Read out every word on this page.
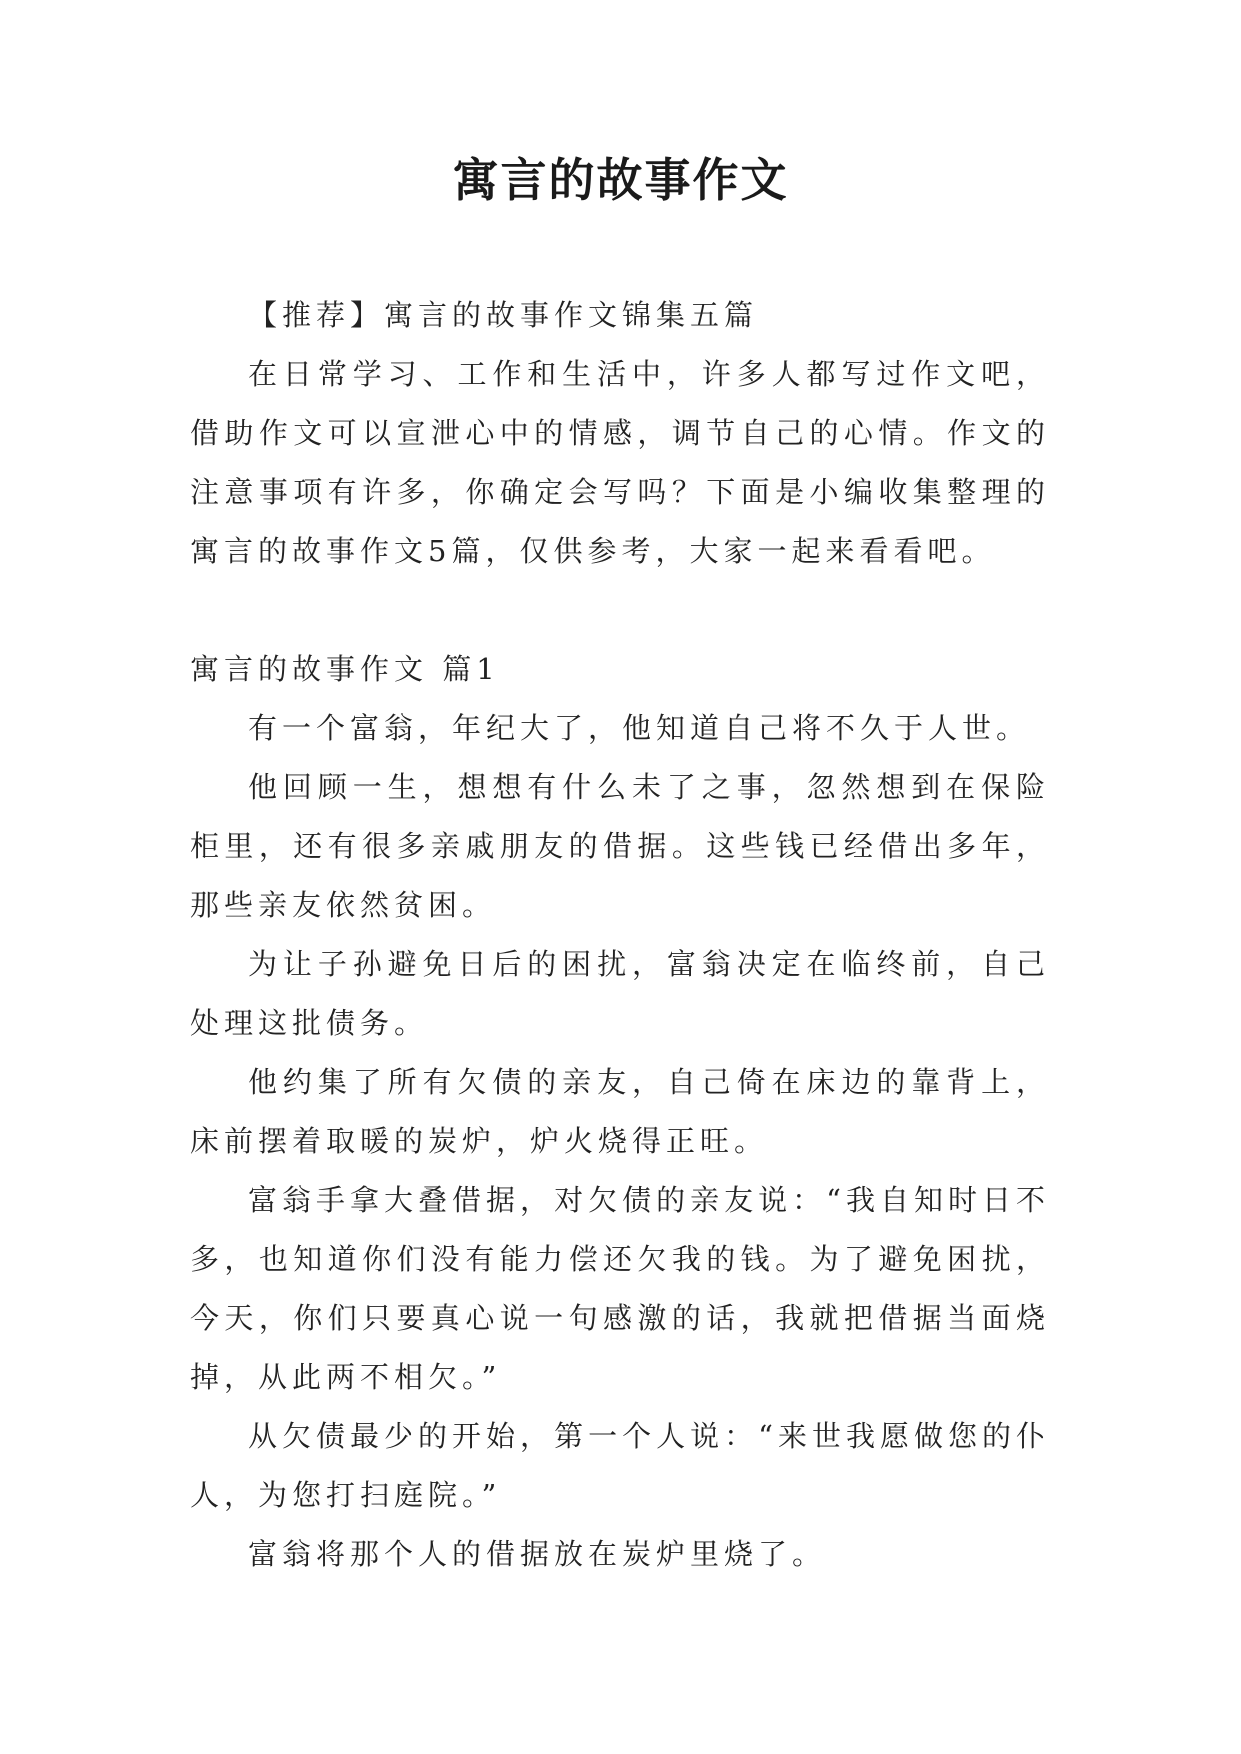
寓言的故事作文

【推荐】寓言的故事作文锦集五篇

在日常学习、工作和生活中，许多人都写过作文吧，借助作文可以宣泄心中的情感，调节自己的心情。作文的注意事项有许多，你确定会写吗？下面是小编收集整理的寓言的故事作文5篇，仅供参考，大家一起来看看吧。

寓言的故事作文 篇1

有一个富翁，年纪大了，他知道自己将不久于人世。

他回顾一生，想想有什么未了之事，忽然想到在保险柜里，还有很多亲戚朋友的借据。这些钱已经借出多年，那些亲友依然贫困。

为让子孙避免日后的困扰，富翁决定在临终前，自己处理这批债务。

他约集了所有欠债的亲友，自己倚在床边的靠背上，床前摆着取暖的炭炉，炉火烧得正旺。

富翁手拿大叠借据，对欠债的亲友说：“我自知时日不多，也知道你们没有能力偿还欠我的钱。为了避免困扰，今天，你们只要真心说一句感激的话，我就把借据当面烧掉，从此两不相欠。”

从欠债最少的开始，第一个人说：“来世我愿做您的仆人，为您打扫庭院。”

富翁将那个人的借据放在炭炉里烧了。
